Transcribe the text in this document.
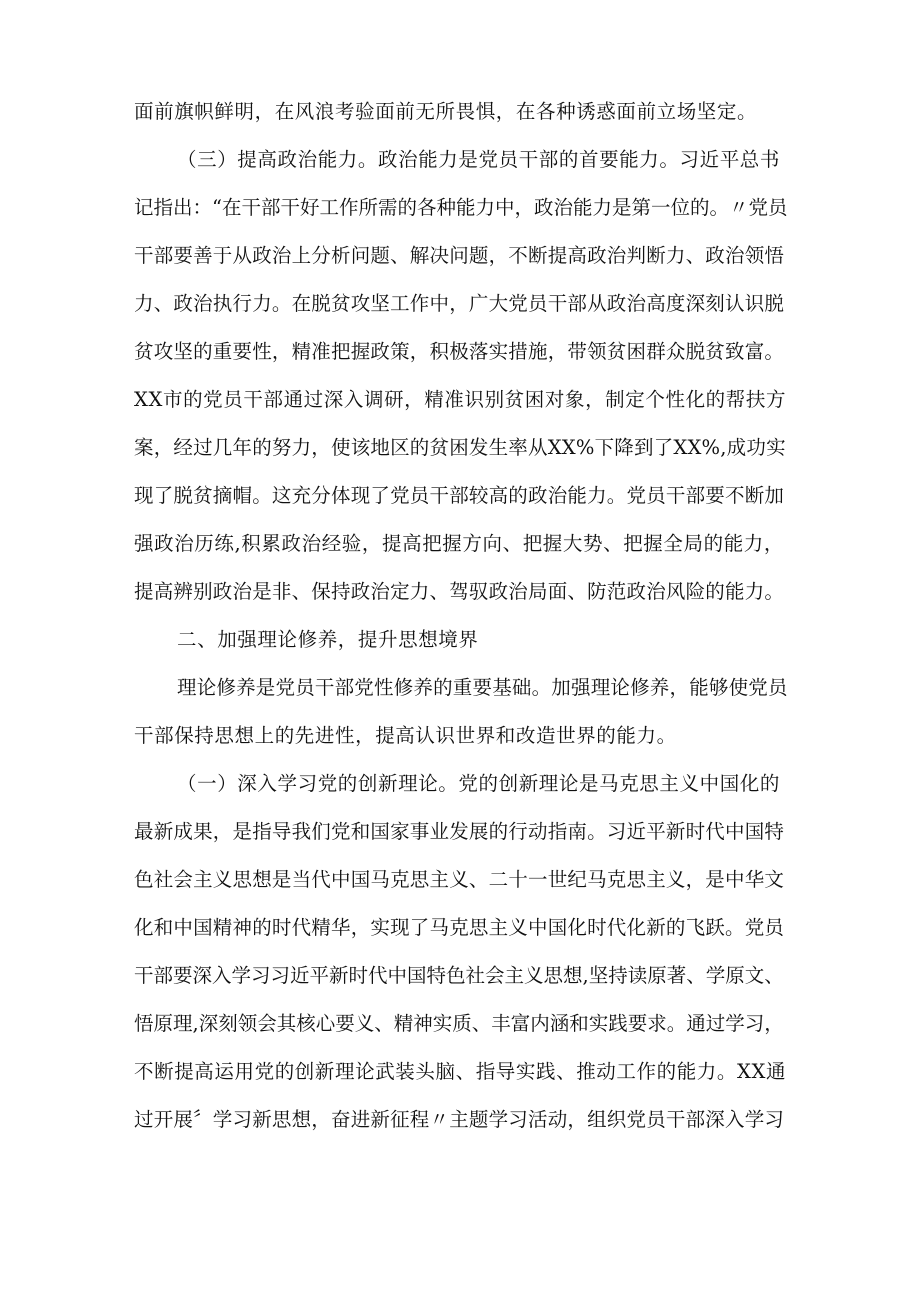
面前旗帜鲜明，在风浪考验面前无所畏惧，在各种诱惑面前立场坚定。
（三）提高政治能力。政治能力是党员干部的首要能力。习近平总书
记指出：“在干部干好工作所需的各种能力中，政治能力是第一位的。〃党员
干部要善于从政治上分析问题、解决问题，不断提高政治判断力、政治领悟
力、政治执行力。在脱贫攻坚工作中，广大党员干部从政治高度深刻认识脱
贫攻坚的重要性，精准把握政策，积极落实措施，带领贫困群众脱贫致富。
XX市的党员干部通过深入调研，精准识别贫困对象，制定个性化的帮扶方
案，经过几年的努力，使该地区的贫困发生率从XX%下降到了XX%,成功实
现了脱贫摘帽。这充分体现了党员干部较高的政治能力。党员干部要不断加
强政治历练,积累政治经验，提高把握方向、把握大势、把握全局的能力，
提高辨别政治是非、保持政治定力、驾驭政治局面、防范政治风险的能力。
二、加强理论修养，提升思想境界
理论修养是党员干部党性修养的重要基础。加强理论修养，能够使党员
干部保持思想上的先进性，提高认识世界和改造世界的能力。
（一）深入学习党的创新理论。党的创新理论是马克思主义中国化的
最新成果，是指导我们党和国家事业发展的行动指南。习近平新时代中国特
色社会主义思想是当代中国马克思主义、二十一世纪马克思主义，是中华文
化和中国精神的时代精华，实现了马克思主义中国化时代化新的飞跃。党员
干部要深入学习习近平新时代中国特色社会主义思想,坚持读原著、学原文、
悟原理,深刻领会其核心要义、精神实质、丰富内涵和实践要求。通过学习，
不断提高运用党的创新理论武装头脑、指导实践、推动工作的能力。XX通
过开展〞学习新思想，奋进新征程〃主题学习活动，组织党员干部深入学习
